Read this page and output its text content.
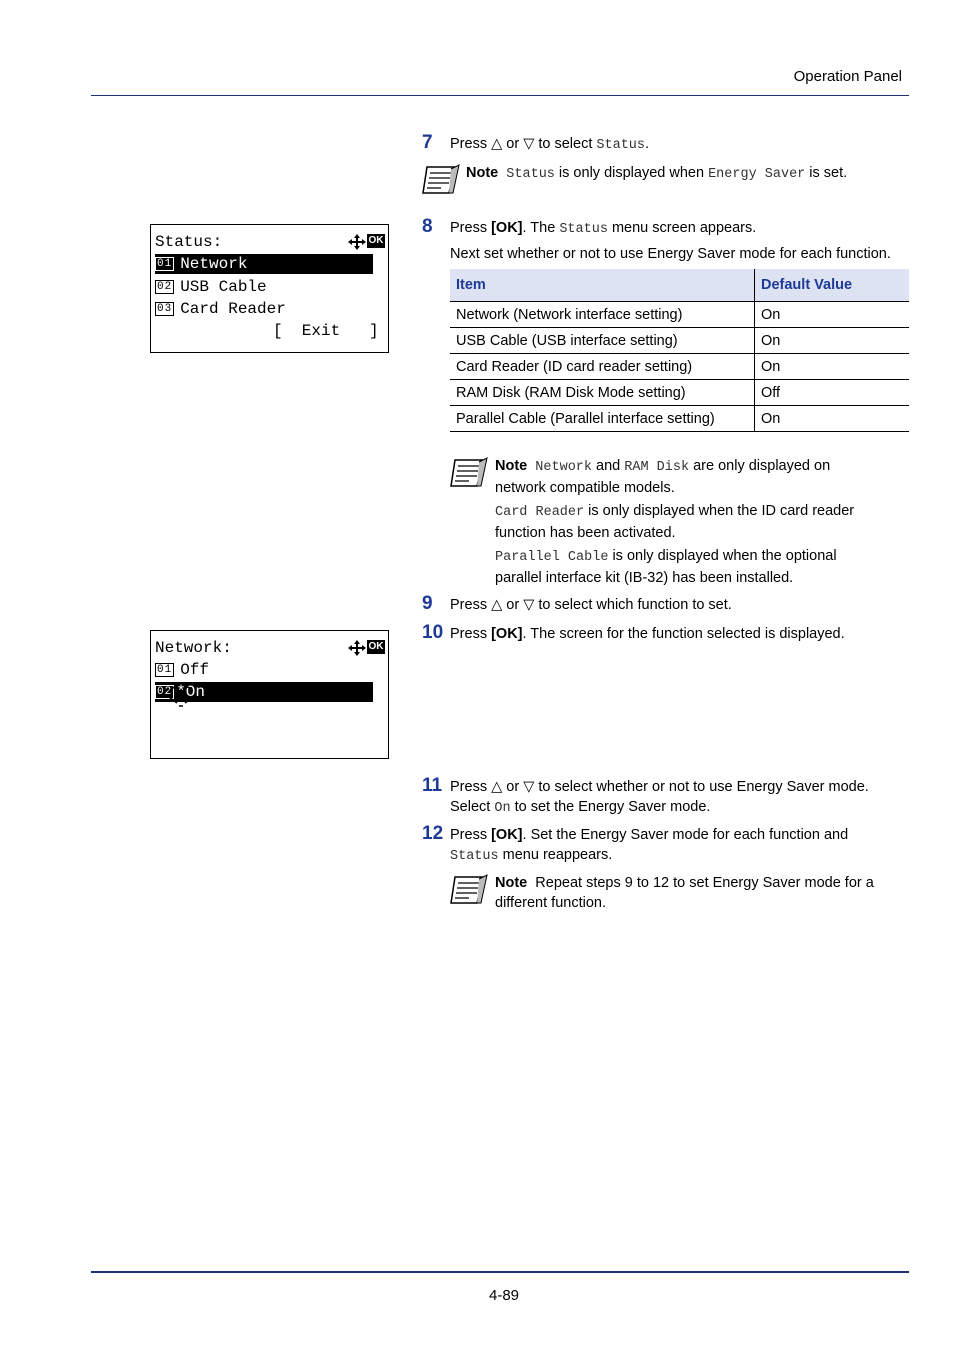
Operation Panel
Status:	OK
01 Network
02 USB Cable
03 Card Reader
[  Exit   ]
Network:	OK
01 Off
02 *On
7 Press △ or ▽ to select Status.
Note Status is only displayed when Energy Saver is set.
8 Press [OK]. The Status menu screen appears.
Next set whether or not to use Energy Saver mode for each function.
Item	Default Value
Network (Network interface setting)	On
USB Cable (USB interface setting)	On
Card Reader (ID card reader setting)	On
RAM Disk (RAM Disk Mode setting)	Off
Parallel Cable (Parallel interface setting)	On
Note Network and RAM Disk are only displayed on
network compatible models.
Card Reader is only displayed when the ID card reader
function has been activated.
Parallel Cable is only displayed when the optional
parallel interface kit (IB-32) has been installed.
9 Press △ or ▽ to select which function to set.
10 Press [OK]. The screen for the function selected is displayed.
11 Press △ or ▽ to select whether or not to use Energy Saver mode.
Select On to set the Energy Saver mode.
12 Press [OK]. Set the Energy Saver mode for each function and
Status menu reappears.
Note Repeat steps 9 to 12 to set Energy Saver mode for a
different function.
4-89
